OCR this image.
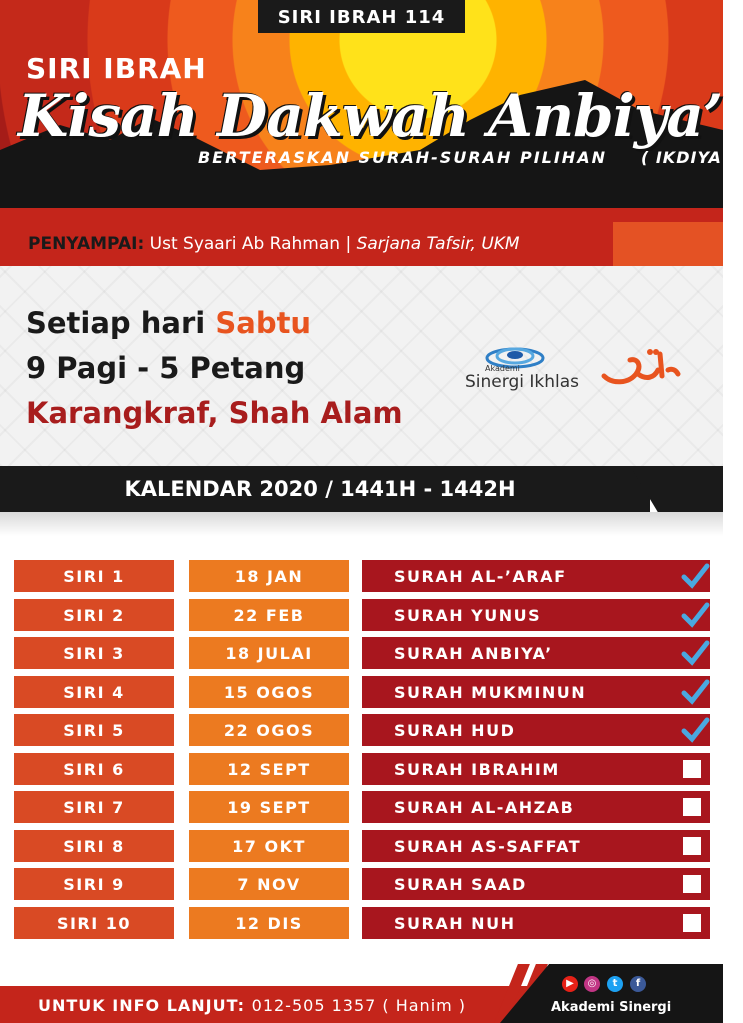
SIRI IBRAH 114
SIRI IBRAH
Kisah Dakwah Anbiya’
BERTERASKAN SURAH-SURAH PILIHAN ( IKDIYA' )
PENYAMPAI: Ust Syaari Ab Rahman | Sarjana Tafsir, UKM
Setiap hari Sabtu
9 Pagi - 5 Petang
Karangkraf, Shah Alam
Akademi
Sinergi Ikhlas
KALENDAR 2020 / 1441H - 1442H
SIRI 1	18 JAN	SURAH AL-’ARAF
SIRI 2	22 FEB	SURAH YUNUS
SIRI 3	18 JULAI	SURAH ANBIYA’
SIRI 4	15 OGOS	SURAH MUKMINUN
SIRI 5	22 OGOS	SURAH HUD
SIRI 6	12 SEPT	SURAH IBRAHIM
SIRI 7	19 SEPT	SURAH AL-AHZAB
SIRI 8	17 OKT	SURAH AS-SAFFAT
SIRI 9	7 NOV	SURAH SAAD
SIRI 10	12 DIS	SURAH NUH
UNTUK INFO LANJUT: 012-505 1357 ( Hanim )
▶	◎	t	f
Akademi Sinergi
